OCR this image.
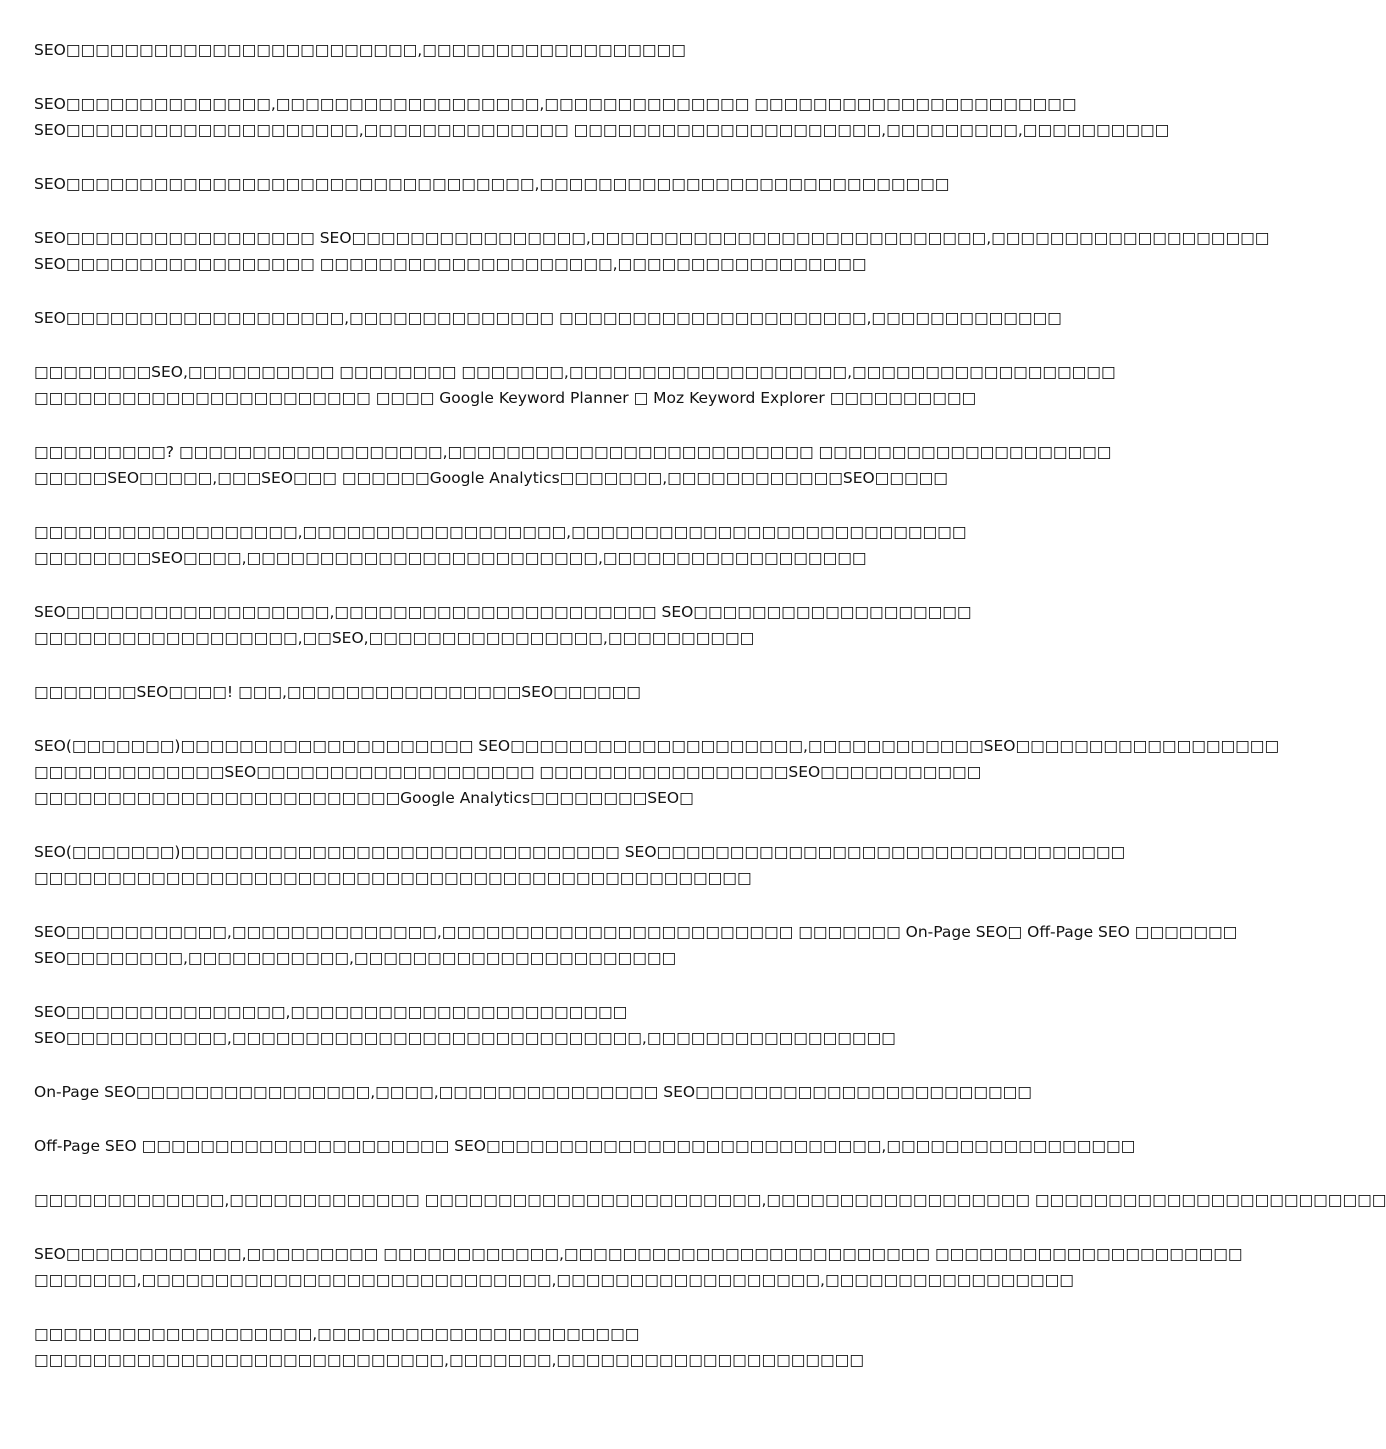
SEO□□□□□□□□□□□□□□□□□□□□□□□□,□□□□□□□□□□□□□□□□□□
SEO□□□□□□□□□□□□□□,□□□□□□□□□□□□□□□□□□,□□□□□□□□□□□□□□ □□□□□□□□□□□□□□□□□□□□□□
SEO□□□□□□□□□□□□□□□□□□□□,□□□□□□□□□□□□□□ □□□□□□□□□□□□□□□□□□□□□,□□□□□□□□□,□□□□□□□□□□
SEO□□□□□□□□□□□□□□□□□□□□□□□□□□□□□□□□,□□□□□□□□□□□□□□□□□□□□□□□□□□□□
SEO□□□□□□□□□□□□□□□□□ SEO□□□□□□□□□□□□□□□□,□□□□□□□□□□□□□□□□□□□□□□□□□□□,□□□□□□□□□□□□□□□□□□□
SEO□□□□□□□□□□□□□□□□□ □□□□□□□□□□□□□□□□□□□□,□□□□□□□□□□□□□□□□□
SEO□□□□□□□□□□□□□□□□□□□,□□□□□□□□□□□□□□ □□□□□□□□□□□□□□□□□□□□□,□□□□□□□□□□□□□
□□□□□□□□SEO,□□□□□□□□□□ □□□□□□□□ □□□□□□□,□□□□□□□□□□□□□□□□□□□,□□□□□□□□□□□□□□□□□□
□□□□□□□□□□□□□□□□□□□□□□□ □□□□ Google Keyword Planner □ Moz Keyword Explorer □□□□□□□□□□
□□□□□□□□□? □□□□□□□□□□□□□□□□□□,□□□□□□□□□□□□□□□□□□□□□□□□□ □□□□□□□□□□□□□□□□□□□□
□□□□□SEO□□□□□,□□□SEO□□□ □□□□□□Google Analytics□□□□□□□,□□□□□□□□□□□□SEO□□□□□
□□□□□□□□□□□□□□□□□□,□□□□□□□□□□□□□□□□□□,□□□□□□□□□□□□□□□□□□□□□□□□□□□
□□□□□□□□SEO□□□□,□□□□□□□□□□□□□□□□□□□□□□□□,□□□□□□□□□□□□□□□□□□
SEO□□□□□□□□□□□□□□□□□□,□□□□□□□□□□□□□□□□□□□□□□ SEO□□□□□□□□□□□□□□□□□□□
□□□□□□□□□□□□□□□□□□,□□SEO,□□□□□□□□□□□□□□□□,□□□□□□□□□□
□□□□□□□SEO□□□□! □□□,□□□□□□□□□□□□□□□□SEO□□□□□□
SEO(□□□□□□□)□□□□□□□□□□□□□□□□□□□□ SEO□□□□□□□□□□□□□□□□□□□□,□□□□□□□□□□□□SEO□□□□□□□□□□□□□□□□□□
□□□□□□□□□□□□□SEO□□□□□□□□□□□□□□□□□□□ □□□□□□□□□□□□□□□□□SEO□□□□□□□□□□□
□□□□□□□□□□□□□□□□□□□□□□□□□Google Analytics□□□□□□□□SEO□
SEO(□□□□□□□)□□□□□□□□□□□□□□□□□□□□□□□□□□□□□□ SEO□□□□□□□□□□□□□□□□□□□□□□□□□□□□□□□□
□□□□□□□□□□□□□□□□□□□□□□□□□□□□□□□□□□□□□□□□□□□□□□□□□
SEO□□□□□□□□□□□,□□□□□□□□□□□□□□,□□□□□□□□□□□□□□□□□□□□□□□□ □□□□□□□ On-Page SEO□ Off-Page SEO □□□□□□□
SEO□□□□□□□□,□□□□□□□□□□□,□□□□□□□□□□□□□□□□□□□□□□
SEO□□□□□□□□□□□□□□□,□□□□□□□□□□□□□□□□□□□□□□□
SEO□□□□□□□□□□□,□□□□□□□□□□□□□□□□□□□□□□□□□□□□,□□□□□□□□□□□□□□□□□
On-Page SEO□□□□□□□□□□□□□□□□,□□□□,□□□□□□□□□□□□□□□ SEO□□□□□□□□□□□□□□□□□□□□□□□
Off-Page SEO □□□□□□□□□□□□□□□□□□□□□ SEO□□□□□□□□□□□□□□□□□□□□□□□□□□□,□□□□□□□□□□□□□□□□□
□□□□□□□□□□□□□,□□□□□□□□□□□□□ □□□□□□□□□□□□□□□□□□□□□□□,□□□□□□□□□□□□□□□□□□ □□□□□□□□□□□□□□□□□□□□□□□□
SEO□□□□□□□□□□□□,□□□□□□□□□ □□□□□□□□□□□□,□□□□□□□□□□□□□□□□□□□□□□□□□ □□□□□□□□□□□□□□□□□□□□□
□□□□□□□,□□□□□□□□□□□□□□□□□□□□□□□□□□□□,□□□□□□□□□□□□□□□□□□,□□□□□□□□□□□□□□□□□
□□□□□□□□□□□□□□□□□□□,□□□□□□□□□□□□□□□□□□□□□□
□□□□□□□□□□□□□□□□□□□□□□□□□□□□,□□□□□□□,□□□□□□□□□□□□□□□□□□□□□
